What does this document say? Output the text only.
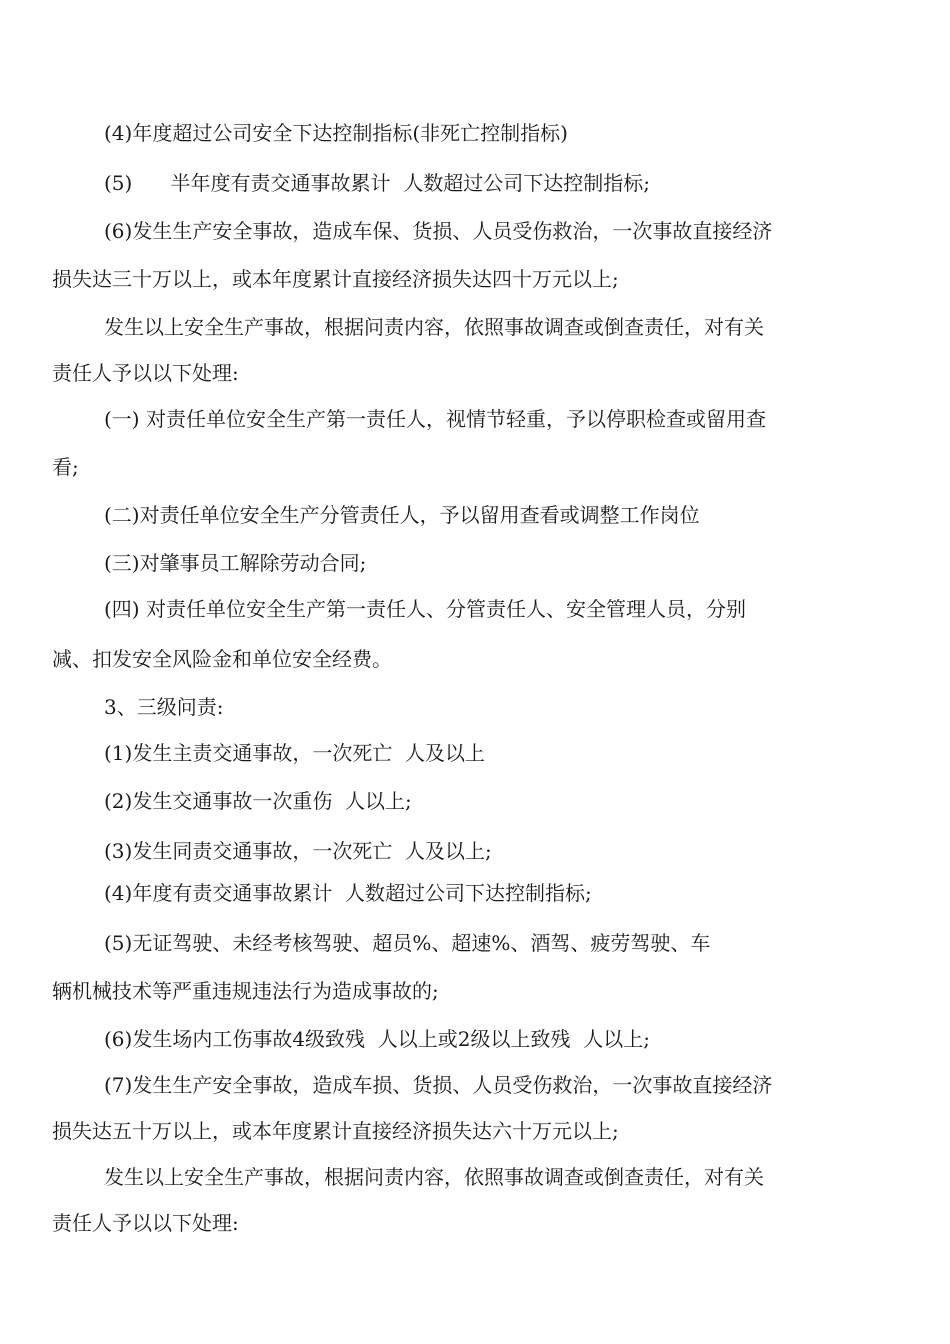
(4)年度超过公司安全下达控制指标(非死亡控制指标)
(5)      半年度有责交通事故累计  人数超过公司下达控制指标;
(6)发生生产安全事故，造成车保、货损、人员受伤救治，一次事故直接经济
损失达三十万以上，或本年度累计直接经济损失达四十万元以上;
发生以上安全生产事故，根据问责内容，依照事故调查或倒查责任，对有关
责任人予以以下处理:
(一) 对责任单位安全生产第一责任人，视情节轻重，予以停职检查或留用查
看;
(二)对责任单位安全生产分管责任人，予以留用查看或调整工作岗位
(三)对肇事员工解除劳动合同;
(四) 对责任单位安全生产第一责任人、分管责任人、安全管理人员，分别
减、扣发安全风险金和单位安全经费。
3、三级问责:
(1)发生主责交通事故，一次死亡  人及以上
(2)发生交通事故一次重伤  人以上;
(3)发生同责交通事故，一次死亡  人及以上;
(4)年度有责交通事故累计  人数超过公司下达控制指标;
(5)无证驾驶、未经考核驾驶、超员%、超速%、酒驾、疲劳驾驶、车
辆机械技术等严重违规违法行为造成事故的;
(6)发生场内工伤事故4级致残  人以上或2级以上致残  人以上;
(7)发生生产安全事故，造成车损、货损、人员受伤救治，一次事故直接经济
损失达五十万以上，或本年度累计直接经济损失达六十万元以上;
发生以上安全生产事故，根据问责内容，依照事故调查或倒查责任，对有关
责任人予以以下处理:
